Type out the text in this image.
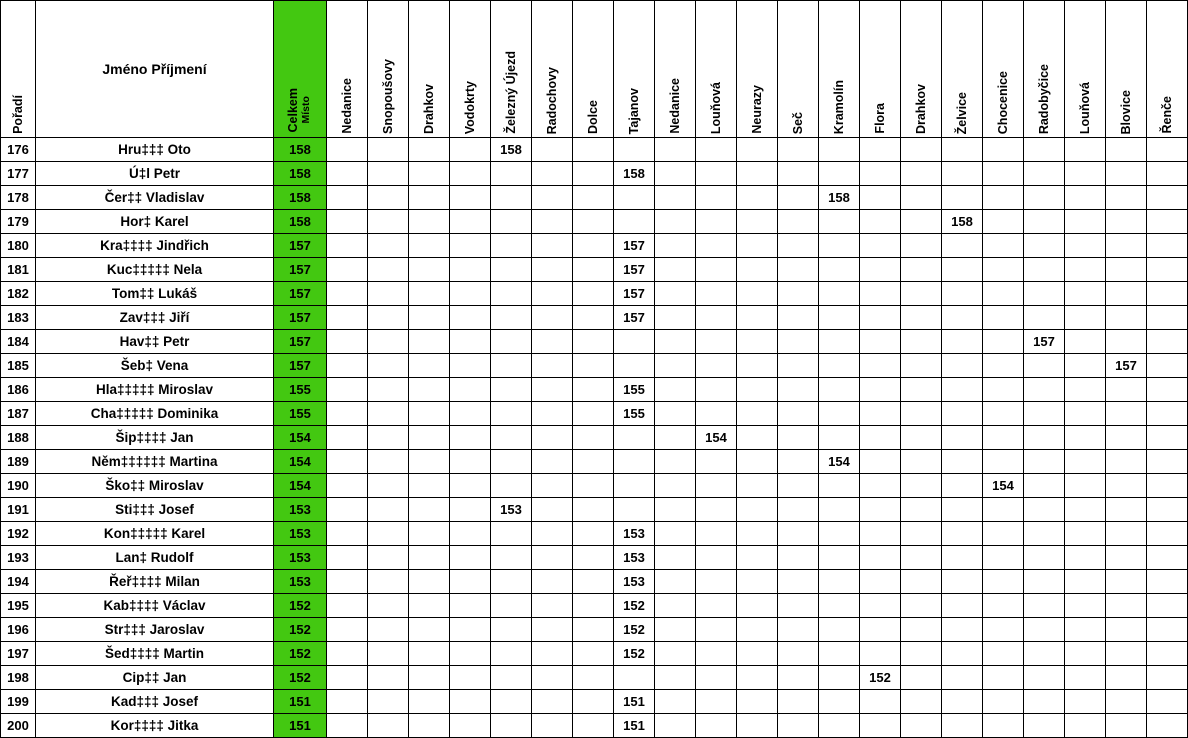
Pořadí	Jméno Příjmení	Celkem
Místo	Nedanice	Snopoušovy	Drahkov	Vodokrty	Železný Újezd	Radochovy	Dolce	Tajanov	Nedanice	Louňová	Neurazy	Seč	Kramolín	Flora	Drahkov	Želvice	Chocenice	Radobyčice	Louňová	Blovice	Řenče
176	Hru‡‡‡ Oto	158					158																
177	Ú‡l Petr	158								158													
178	Čer‡‡ Vladislav	158													158								
179	Hor‡ Karel	158																158					
180	Kra‡‡‡‡ Jindřich	157								157													
181	Kuc‡‡‡‡‡ Nela	157								157													
182	Tom‡‡ Lukáš	157								157													
183	Zav‡‡‡ Jiří	157								157													
184	Hav‡‡ Petr	157																		157			
185	Šeb‡ Vena	157																				157	
186	Hla‡‡‡‡‡ Miroslav	155								155													
187	Cha‡‡‡‡‡ Dominika	155								155													
188	Šip‡‡‡‡ Jan	154										154											
189	Něm‡‡‡‡‡‡ Martina	154													154								
190	Ško‡‡ Miroslav	154																	154				
191	Sti‡‡‡ Josef	153					153																
192	Kon‡‡‡‡‡ Karel	153								153													
193	Lan‡ Rudolf	153								153													
194	Řeř‡‡‡‡ Milan	153								153													
195	Kab‡‡‡‡ Václav	152								152													
196	Str‡‡‡ Jaroslav	152								152													
197	Šed‡‡‡‡ Martin	152								152													
198	Cip‡‡ Jan	152														152							
199	Kad‡‡‡ Josef	151								151													
200	Kor‡‡‡‡ Jitka	151								151													
